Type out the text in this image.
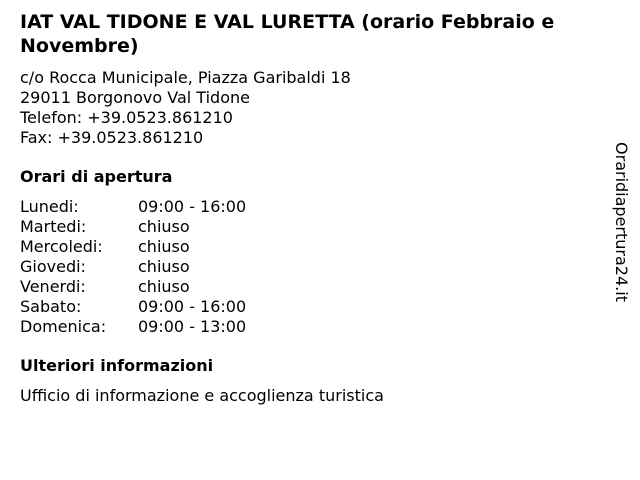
IAT VAL TIDONE E VAL LURETTA (orario Febbraio e Novembre)
c/o Rocca Municipale, Piazza Garibaldi 18
29011 Borgonovo Val Tidone
Telefon: +39.0523.861210
Fax: +39.0523.861210
Orari di apertura
Lunedi:	09:00 - 16:00
Martedi:	chiuso
Mercoledi:	chiuso
Giovedi:	chiuso
Venerdi:	chiuso
Sabato:	09:00 - 16:00
Domenica:	09:00 - 13:00
Ulteriori informazioni
Ufficio di informazione e accoglienza turistica
Oraridiapertura24.it
